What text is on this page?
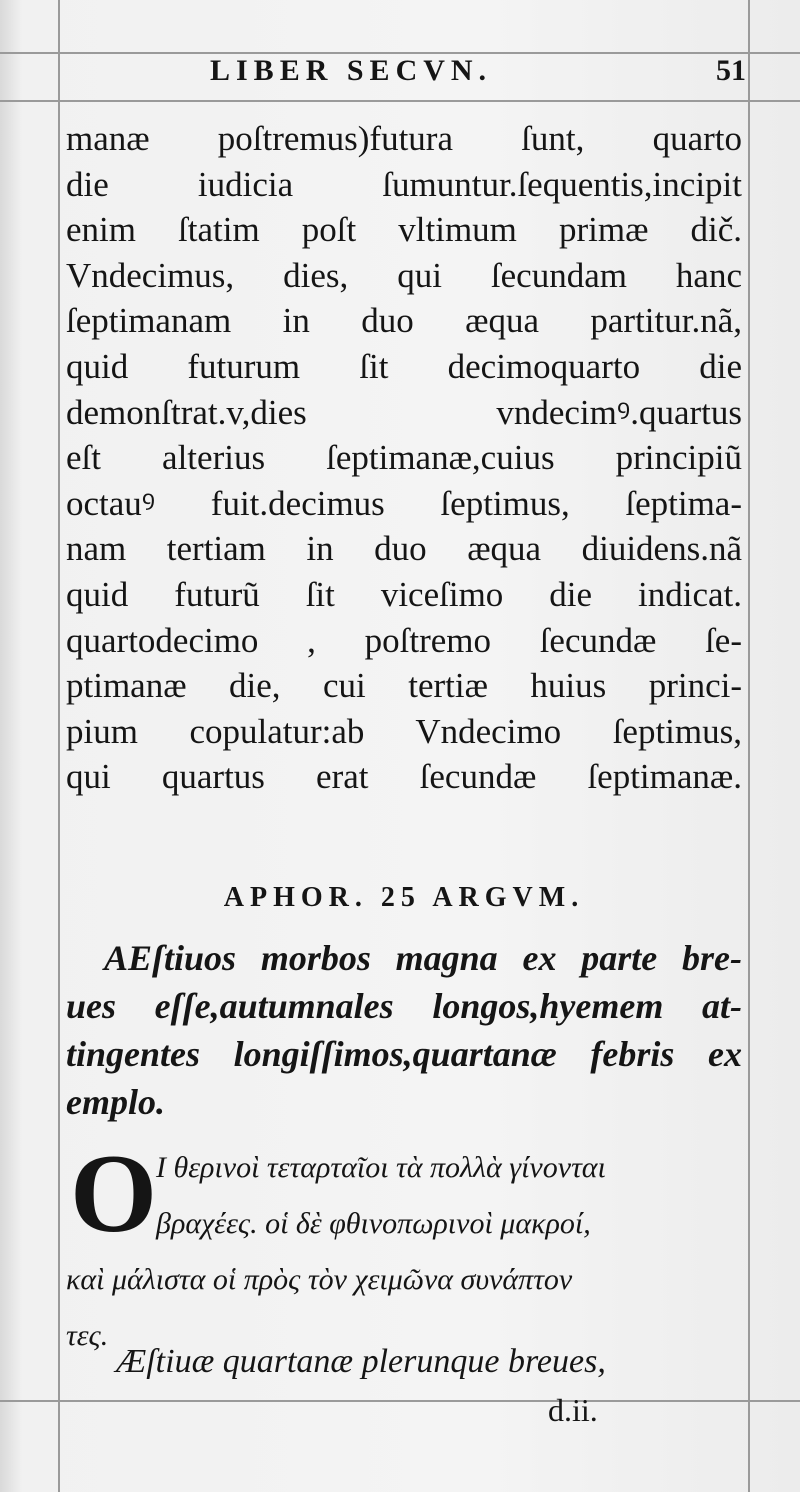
LIBER SECVN.	51
manæ poſtremus)futura ſunt, quarto
die iudicia ſumuntur.ſequentis,incipit
enim ſtatim poſt vltimum primæ dič.
Vndecimus, dies, qui ſecundam hanc
ſeptimanam in duo æqua partitur.nã,
quid futurum ſit decimoquarto die
demonſtrat.v,dies vndecimꝰ.quartus
eſt alterius ſeptimanæ,cuius principiũ
octauꝰ fuit.decimus ſeptimus, ſeptima-
nam tertiam in duo æqua diuidens.nã
quid futurũ ſit viceſimo die indicat.
quartodecimo , poſtremo ſecundæ ſe-
ptimanæ die, cui tertiæ huius princi-
pium copulatur:ab Vndecimo ſeptimus,
qui quartus erat ſecundæ ſeptimanæ.
APHOR. 25 ARGVM.
AEſtiuos morbos magna ex parte bre-
ues eſſe,autumnales longos,hyemem at-
tingentes longiſſimos,quartanæ febris ex
emplo.
O
Ι θερινοὶ τεταρταῖοι τὰ πολλὰ γίνονται
βραχέες. οἱ δὲ φθινοπωρινοὶ μακροί,
καὶ μάλιστα οἱ πρὸς τὸν χειμῶνα συνάπτον
τες.
Æſtiuæ quartanæ plerunque breues,
d.ii.
